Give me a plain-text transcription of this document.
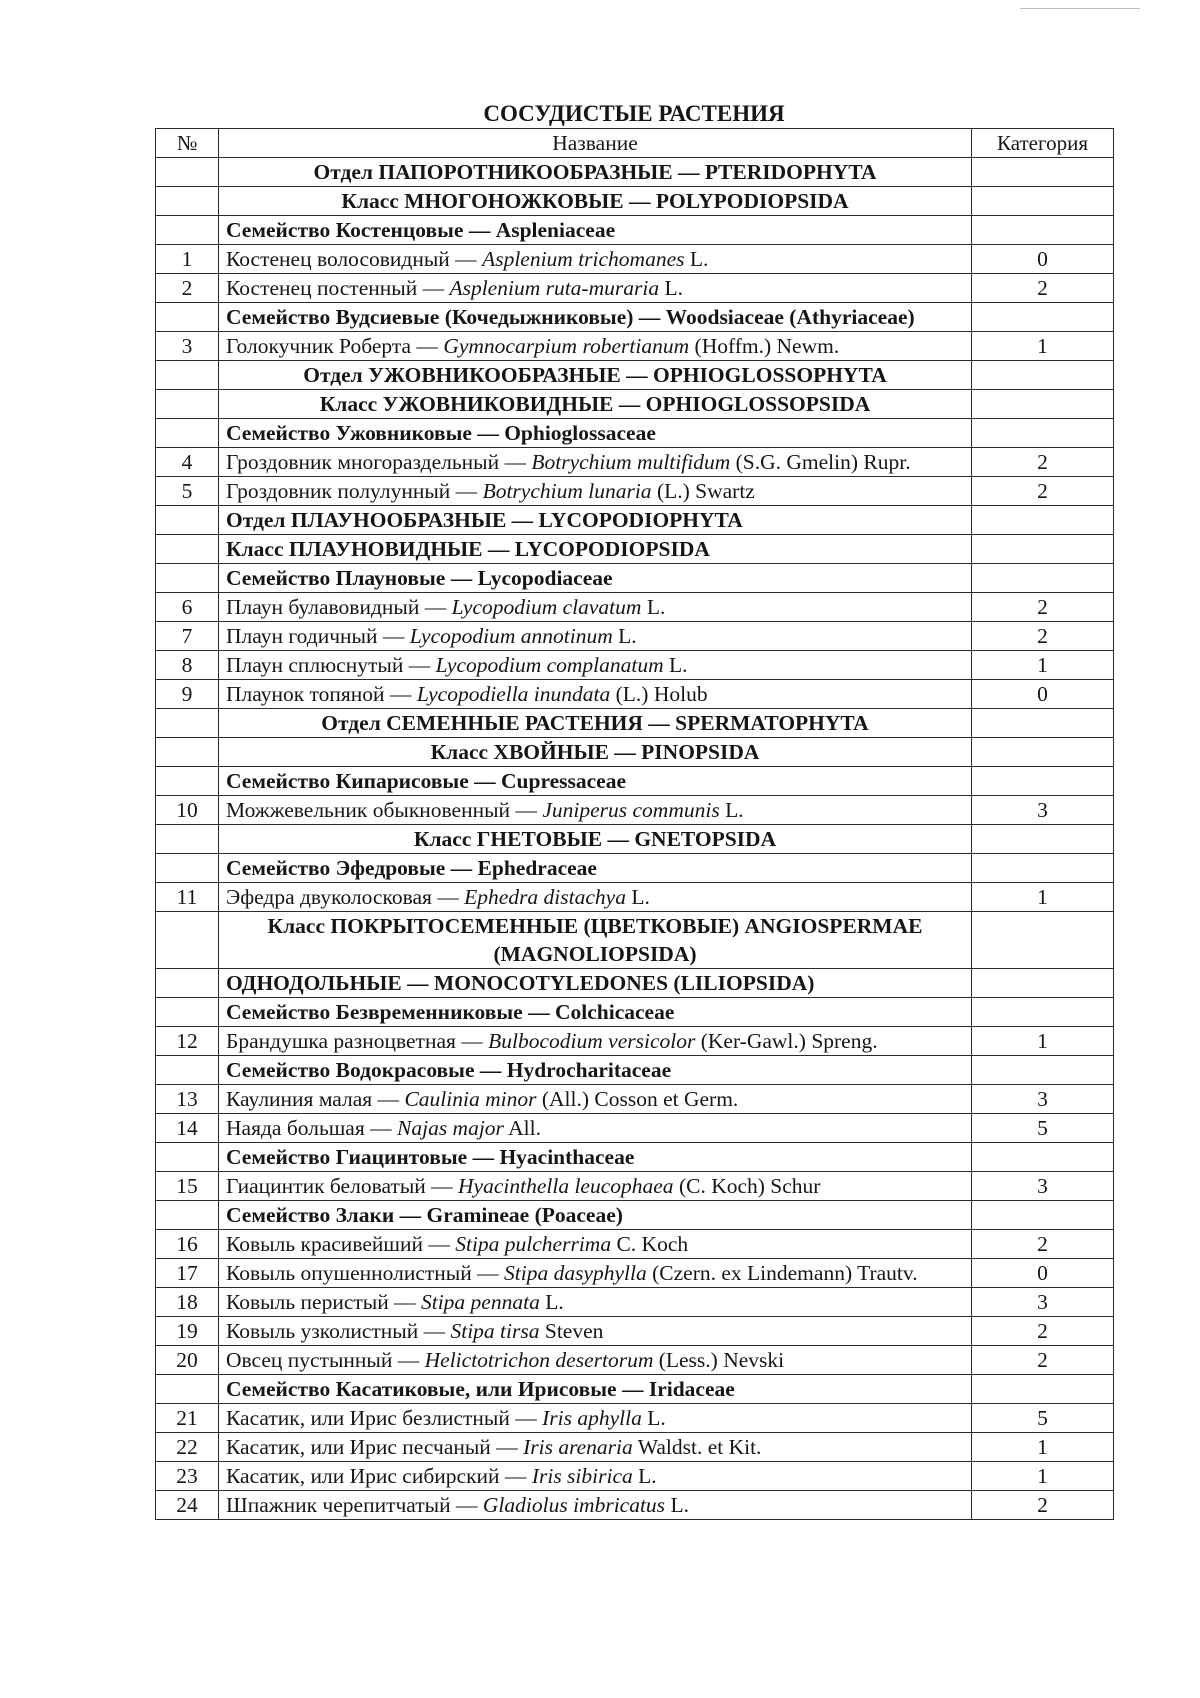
СОСУДИСТЫЕ РАСТЕНИЯ
№	Название	Категория
	Отдел ПАПОРОТНИКООБРАЗНЫЕ — PTERIDOPHYTA	
	Класс МНОГОНОЖКОВЫЕ — POLYPODIOPSIDA	
	Семейство Костенцовые — Aspleniaceae	
1	Костенец волосовидный — Asplenium trichomanes L.	0
2	Костенец постенный — Asplenium ruta-muraria L.	2
	Семейство Вудсиевые (Кочедыжниковые) — Woodsiaceae (Athyriaceae)	
3	Голокучник Роберта — Gymnocarpium robertianum (Hoffm.) Newm.	1
	Отдел УЖОВНИКООБРАЗНЫЕ — OPHIOGLOSSOPHYTA	
	Класс УЖОВНИКОВИДНЫЕ — OPHIOGLOSSOPSIDA	
	Семейство Ужовниковые — Ophioglossaceae	
4	Гроздовник многораздельный — Botrychium multifidum (S.G. Gmelin) Rupr.	2
5	Гроздовник полулунный — Botrychium lunaria (L.) Swartz	2
	Отдел ПЛАУНООБРАЗНЫЕ — LYCOPODIOPHYTA	
	Класс ПЛАУНОВИДНЫЕ — LYCOPODIOPSIDA	
	Семейство Плауновые — Lycopodiaceae	
6	Плаун булавовидный — Lycopodium clavatum L.	2
7	Плаун годичный — Lycopodium annotinum L.	2
8	Плаун сплюснутый — Lycopodium complanatum L.	1
9	Плаунок топяной — Lycopodiella inundata (L.) Holub	0
	Отдел СЕМЕННЫЕ РАСТЕНИЯ — SPERMATOPHYTA	
	Класс ХВОЙНЫЕ — PINOPSIDA	
	Семейство Кипарисовые — Cupressaceae	
10	Можжевельник обыкновенный — Juniperus communis L.	3
	Класс ГНЕТОВЫЕ — GNETOPSIDA	
	Семейство Эфедровые — Ephedraceae	
11	Эфедра двуколосковая — Ephedra distachya L.	1
	Класс ПОКРЫТОСЕМЕННЫЕ (ЦВЕТКОВЫЕ) ANGIOSPERMAE (MAGNOLIOPSIDA)	
	ОДНОДОЛЬНЫЕ — MONOCOTYLEDONES (LILIOPSIDA)	
	Семейство Безвременниковые — Colchicaceae	
12	Брандушка разноцветная — Bulbocodium versicolor (Ker-Gawl.) Spreng.	1
	Семейство Водокрасовые — Hydrocharitaceae	
13	Каулиния малая — Caulinia minor (All.) Cosson et Germ.	3
14	Наяда большая — Najas major All.	5
	Семейство Гиацинтовые — Hyacinthaceae	
15	Гиацинтик беловатый — Hyacinthella leucophaea (C. Koch) Schur	3
	Семейство Злаки — Gramineae (Poaceae)	
16	Ковыль красивейший — Stipa pulcherrima C. Koch	2
17	Ковыль опушеннолистный — Stipa dasyphylla (Czern. ex Lindemann) Trautv.	0
18	Ковыль перистый — Stipa pennata L.	3
19	Ковыль узколистный — Stipa tirsa Steven	2
20	Овсец пустынный — Helictotrichon desertorum (Less.) Nevski	2
	Семейство Касатиковые, или Ирисовые — Iridaceae	
21	Касатик, или Ирис безлистный — Iris aphylla L.	5
22	Касатик, или Ирис песчаный — Iris arenaria Waldst. et Kit.	1
23	Касатик, или Ирис сибирский — Iris sibirica L.	1
24	Шпажник черепитчатый — Gladiolus imbricatus L.	2
